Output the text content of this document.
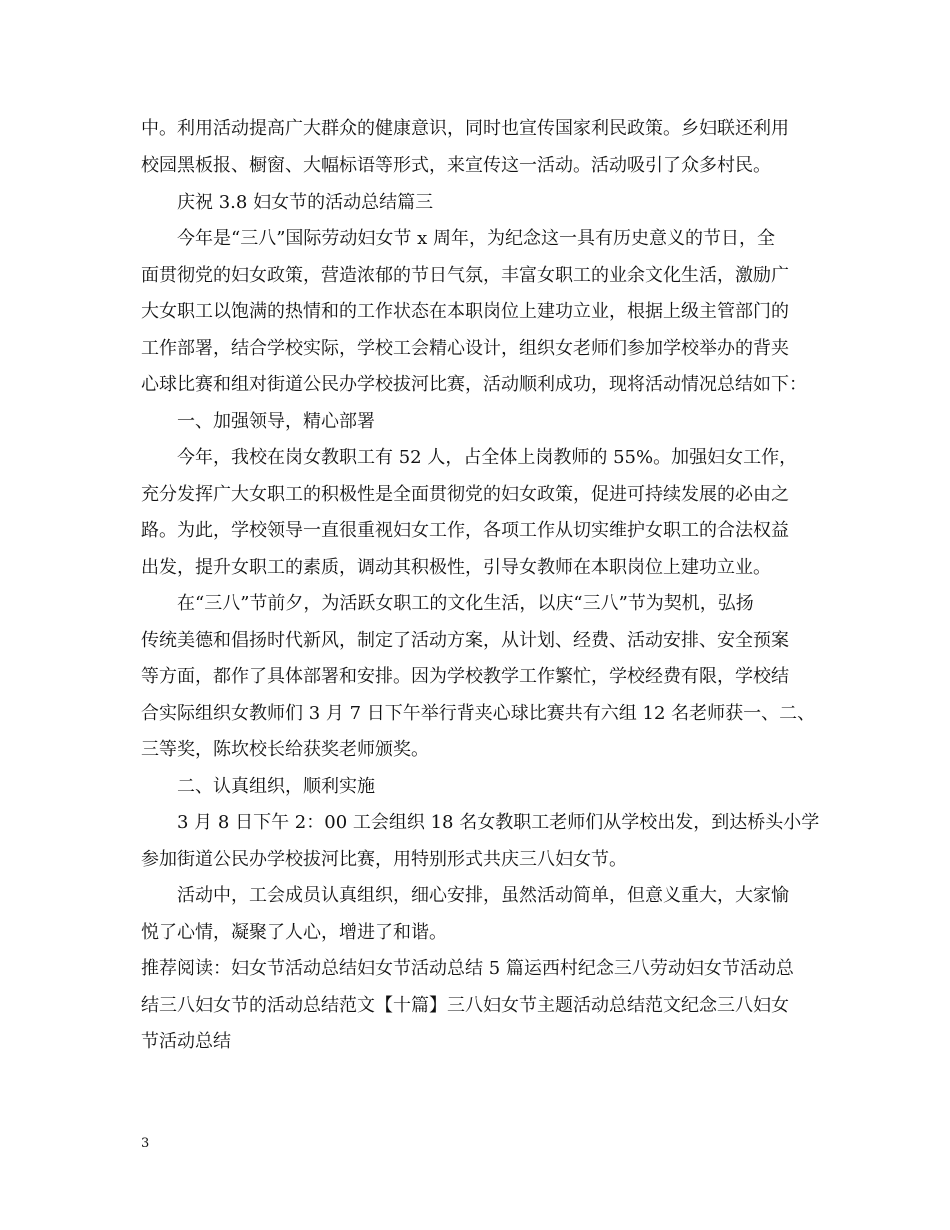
中。利用活动提高广大群众的健康意识，同时也宣传国家利民政策。乡妇联还利用
校园黑板报、橱窗、大幅标语等形式，来宣传这一活动。活动吸引了众多村民。
庆祝 3.8 妇女节的活动总结篇三
今年是“三八”国际劳动妇女节 x 周年，为纪念这一具有历史意义的节日，全
面贯彻党的妇女政策，营造浓郁的节日气氛，丰富女职工的业余文化生活，激励广
大女职工以饱满的热情和的工作状态在本职岗位上建功立业，根据上级主管部门的
工作部署，结合学校实际，学校工会精心设计，组织女老师们参加学校举办的背夹
心球比赛和组对街道公民办学校拔河比赛，活动顺利成功，现将活动情况总结如下：
一、加强领导，精心部署
今年，我校在岗女教职工有 52 人，占全体上岗教师的 55%。加强妇女工作，
充分发挥广大女职工的积极性是全面贯彻党的妇女政策，促进可持续发展的必由之
路。为此，学校领导一直很重视妇女工作，各项工作从切实维护女职工的合法权益
出发，提升女职工的素质，调动其积极性，引导女教师在本职岗位上建功立业。
在“三八”节前夕，为活跃女职工的文化生活，以庆“三八”节为契机，弘扬
传统美德和倡扬时代新风，制定了活动方案，从计划、经费、活动安排、安全预案
等方面，都作了具体部署和安排。因为学校教学工作繁忙，学校经费有限，学校结
合实际组织女教师们 3 月 7 日下午举行背夹心球比赛共有六组 12 名老师获一、二、
三等奖，陈坎校长给获奖老师颁奖。
二、认真组织，顺利实施
3 月 8 日下午 2：00 工会组织 18 名女教职工老师们从学校出发，到达桥头小学
参加街道公民办学校拔河比赛，用特别形式共庆三八妇女节。
活动中，工会成员认真组织，细心安排，虽然活动简单，但意义重大，大家愉
悦了心情，凝聚了人心，增进了和谐。
推荐阅读：妇女节活动总结妇女节活动总结 5 篇运西村纪念三八劳动妇女节活动总
结三八妇女节的活动总结范文【十篇】三八妇女节主题活动总结范文纪念三八妇女
节活动总结
3
